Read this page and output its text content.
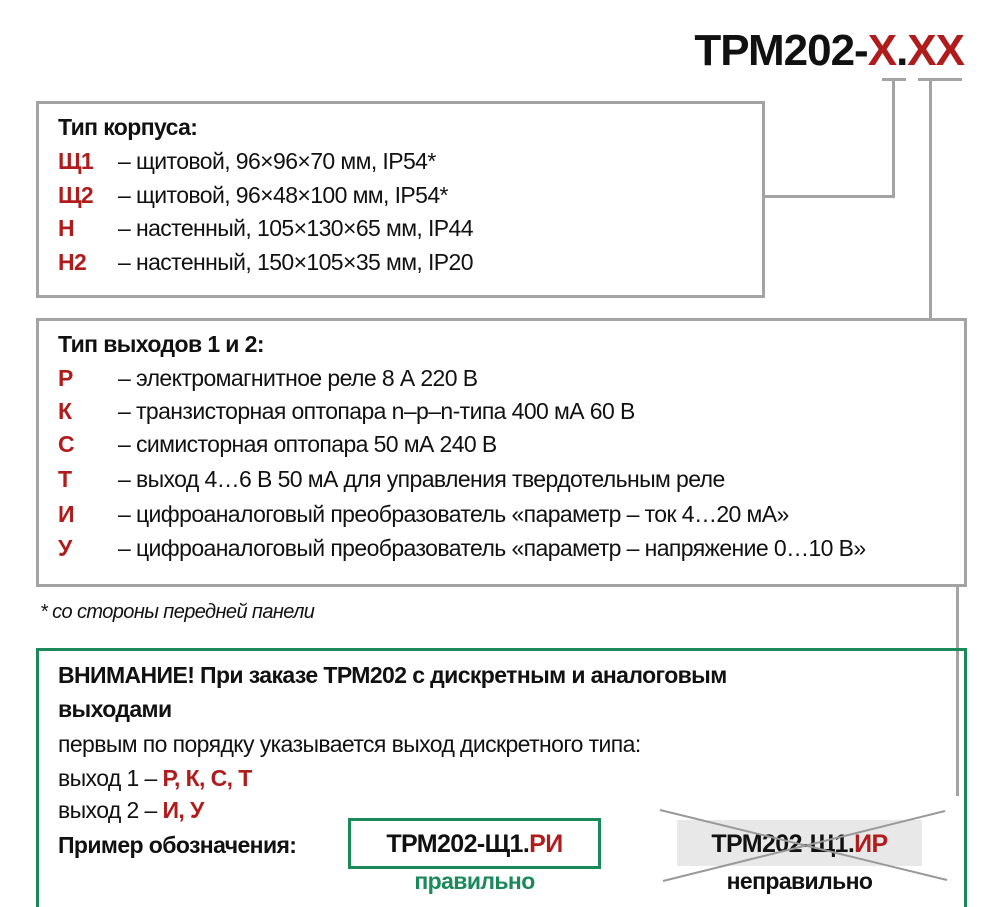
ТРМ202-Х.ХХ
Тип корпуса:
Щ1 – щитовой, 96×96×70 мм, IP54*
Щ2 – щитовой, 96×48×100 мм, IP54*
Н – настенный, 105×130×65 мм, IP44
Н2 – настенный, 150×105×35 мм, IP20
Тип выходов 1 и 2:
Р – электромагнитное реле 8 А 220 В
К – транзисторная оптопара n–p–n-типа 400 мА 60 В
С – симисторная оптопара 50 мА 240 В
Т – выход 4…6 В 50 мА для управления твердотельным реле
И – цифроаналоговый преобразователь «параметр – ток 4…20 мА»
У – цифроаналоговый преобразователь «параметр – напряжение 0…10 В»
* со стороны передней панели
ВНИМАНИЕ! При заказе ТРМ202 с дискретным и аналоговым
выходами
первым по порядку указывается выход дискретного типа:
выход 1 – Р, К, С, Т
выход 2 – И, У
Пример обозначения:	ТРМ202-Щ1.РИ
правильно
ТРМ202-Щ1.ИР
неправильно
